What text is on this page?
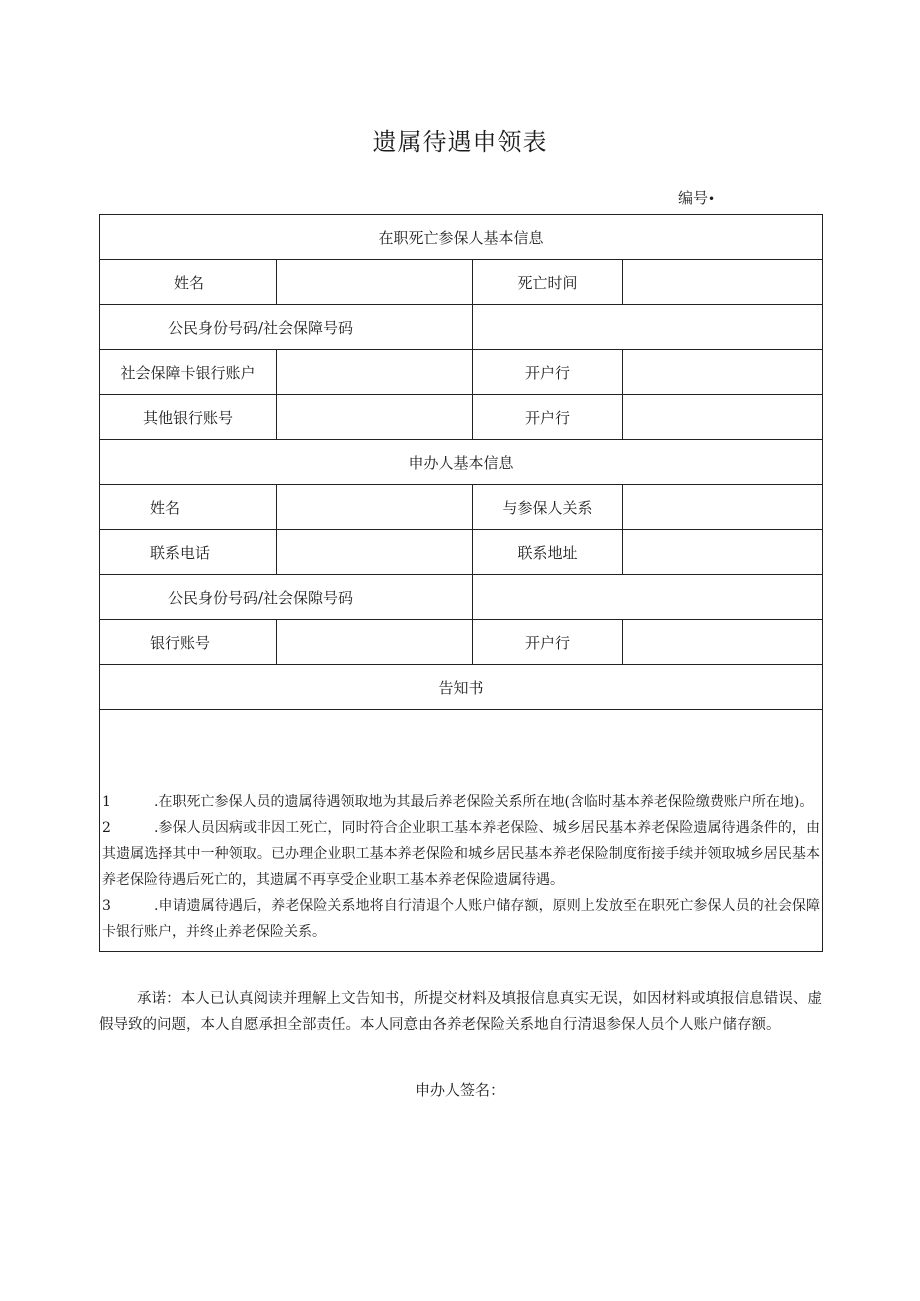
遗属待遇申领表
编号•
在职死亡参保人基本信息			
姓名		死亡时间	
公民身份号码/社会保障号码			
社会保障卡银行账户		开户行	
其他银行账号		开户行	
申办人基本信息			
姓名		与参保人关系	
联系电话		联系地址	
公民身份号码/社会保隙号码			
银行账号		开户行	
告知书			

1 .在职死亡参保人员的遗属待遇领取地为其最后养老保险关系所在地(含临时基本养老保险缴费账户所在地)。
2 .参保人员因病或非因工死亡，同时符合企业职工基本养老保险、城乡居民基本养老保险遗属待遇条件的，由其遗属选择其中一种领取。已办理企业职工基本养老保险和城乡居民基本养老保险制度衔接手续并领取城乡居民基本养老保险待遇后死亡的，其遗属不再享受企业职工基本养老保险遗属待遇。
3 .申请遗属待遇后，养老保险关系地将自行清退个人账户储存额，原则上发放至在职死亡参保人员的社会保障卡银行账户，并终止养老保险关系。			
承诺：本人已认真阅读并理解上文告知书，所提交材料及填报信息真实无误，如因材料或填报信息错误、虚假导致的问题，本人自愿承担全部责任。本人同意由各养老保险关系地自行清退参保人员个人账户储存额。
申办人签名：
